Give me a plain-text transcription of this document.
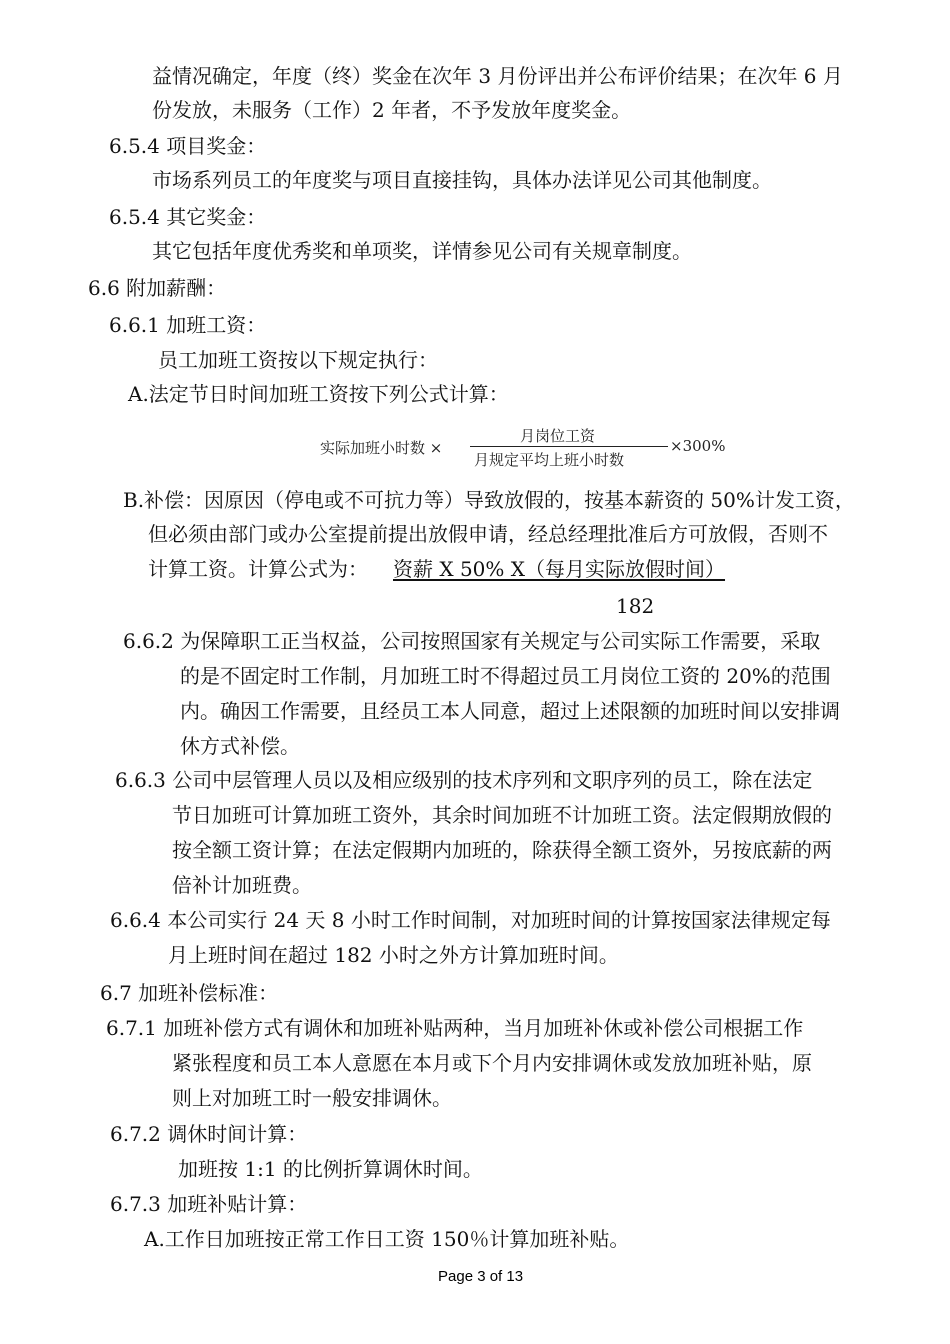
益情况确定，年度（终）奖金在次年 3 月份评出并公布评价结果；在次年 6 月
份发放，未服务（工作）2 年者，不予发放年度奖金。
6.5.4 项目奖金：
市场系列员工的年度奖与项目直接挂钩，具体办法详见公司其他制度。
6.5.4 其它奖金：
其它包括年度优秀奖和单项奖，详情参见公司有关规章制度。
6.6 附加薪酬：
6.6.1 加班工资：
员工加班工资按以下规定执行：
A.法定节日时间加班工资按下列公式计算：
实际加班小时数 ×
月岗位工资
月规定平均上班小时数
×300%
B.补偿：因原因（停电或不可抗力等）导致放假的，按基本薪资的 50%计发工资，
但必须由部门或办公室提前提出放假申请，经总经理批准后方可放假，否则不
计算工资。计算公式为： 资薪 X 50% X（每月实际放假时间）
182
6.6.2 为保障职工正当权益，公司按照国家有关规定与公司实际工作需要，采取
的是不固定时工作制，月加班工时不得超过员工月岗位工资的 20%的范围
内。确因工作需要，且经员工本人同意，超过上述限额的加班时间以安排调
休方式补偿。
6.6.3 公司中层管理人员以及相应级别的技术序列和文职序列的员工，除在法定
节日加班可计算加班工资外，其余时间加班不计加班工资。法定假期放假的
按全额工资计算；在法定假期内加班的，除获得全额工资外，另按底薪的两
倍补计加班费。
6.6.4 本公司实行 24 天 8 小时工作时间制，对加班时间的计算按国家法律规定每
月上班时间在超过 182 小时之外方计算加班时间。
6.7 加班补偿标准：
6.7.1 加班补偿方式有调休和加班补贴两种，当月加班补休或补偿公司根据工作
紧张程度和员工本人意愿在本月或下个月内安排调休或发放加班补贴，原
则上对加班工时一般安排调休。
6.7.2 调休时间计算：
加班按 1:1 的比例折算调休时间。
6.7.3 加班补贴计算：
A.工作日加班按正常工作日工资 150％计算加班补贴。
Page 3 of 13
